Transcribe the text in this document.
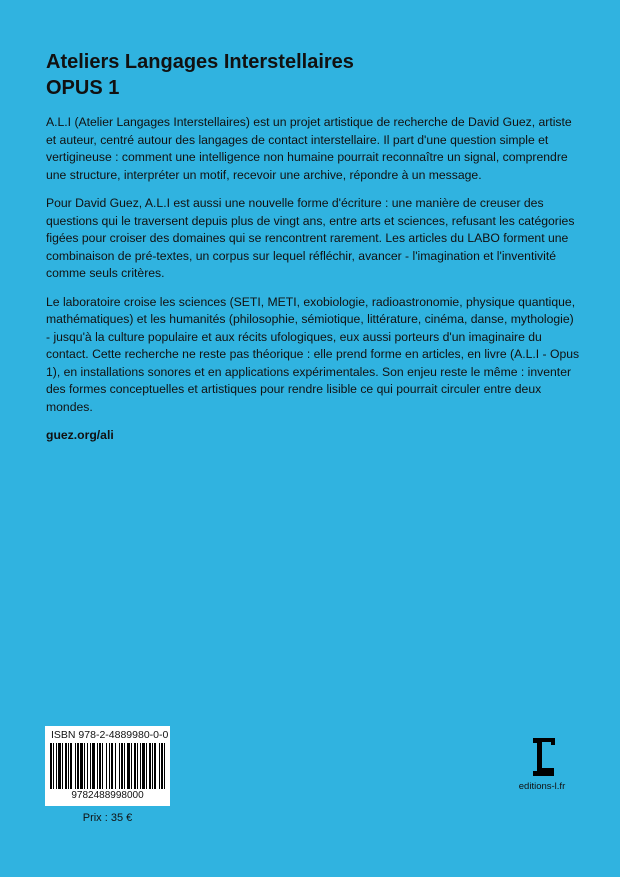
Ateliers Langages Interstellaires
OPUS 1

A.L.I (Atelier Langages Interstellaires) est un projet artistique de recherche de David Guez, artiste et auteur, centré autour des langages de contact interstellaire. Il part d'une question simple et vertigineuse : comment une intelligence non humaine pourrait reconnaître un signal, comprendre une structure, interpréter un motif, recevoir une archive, répondre à un message.

Pour David Guez, A.L.I est aussi une nouvelle forme d'écriture : une manière de creuser des questions qui le traversent depuis plus de vingt ans, entre arts et sciences, refusant les catégories figées pour croiser des domaines qui se rencontrent rarement. Les articles du LABO forment une combinaison de pré-textes, un corpus sur lequel réfléchir, avancer - l'imagination et l'inventivité comme seuls critères.

Le laboratoire croise les sciences (SETI, METI, exobiologie, radioastronomie, physique quantique, mathématiques) et les humanités (philosophie, sémiotique, littérature, cinéma, danse, mythologie) - jusqu'à la culture populaire et aux récits ufologiques, eux aussi porteurs d'un imaginaire du contact. Cette recherche ne reste pas théorique : elle prend forme en articles, en livre (A.L.I - Opus 1), en installations sonores et en applications expérimentales. Son enjeu reste le même : inventer des formes conceptuelles et artistiques pour rendre lisible ce qui pourrait circuler entre deux mondes.

guez.org/ali
ISBN 978-2-4889980-0-0
9782488998000
Prix : 35 €
editions-l.fr
